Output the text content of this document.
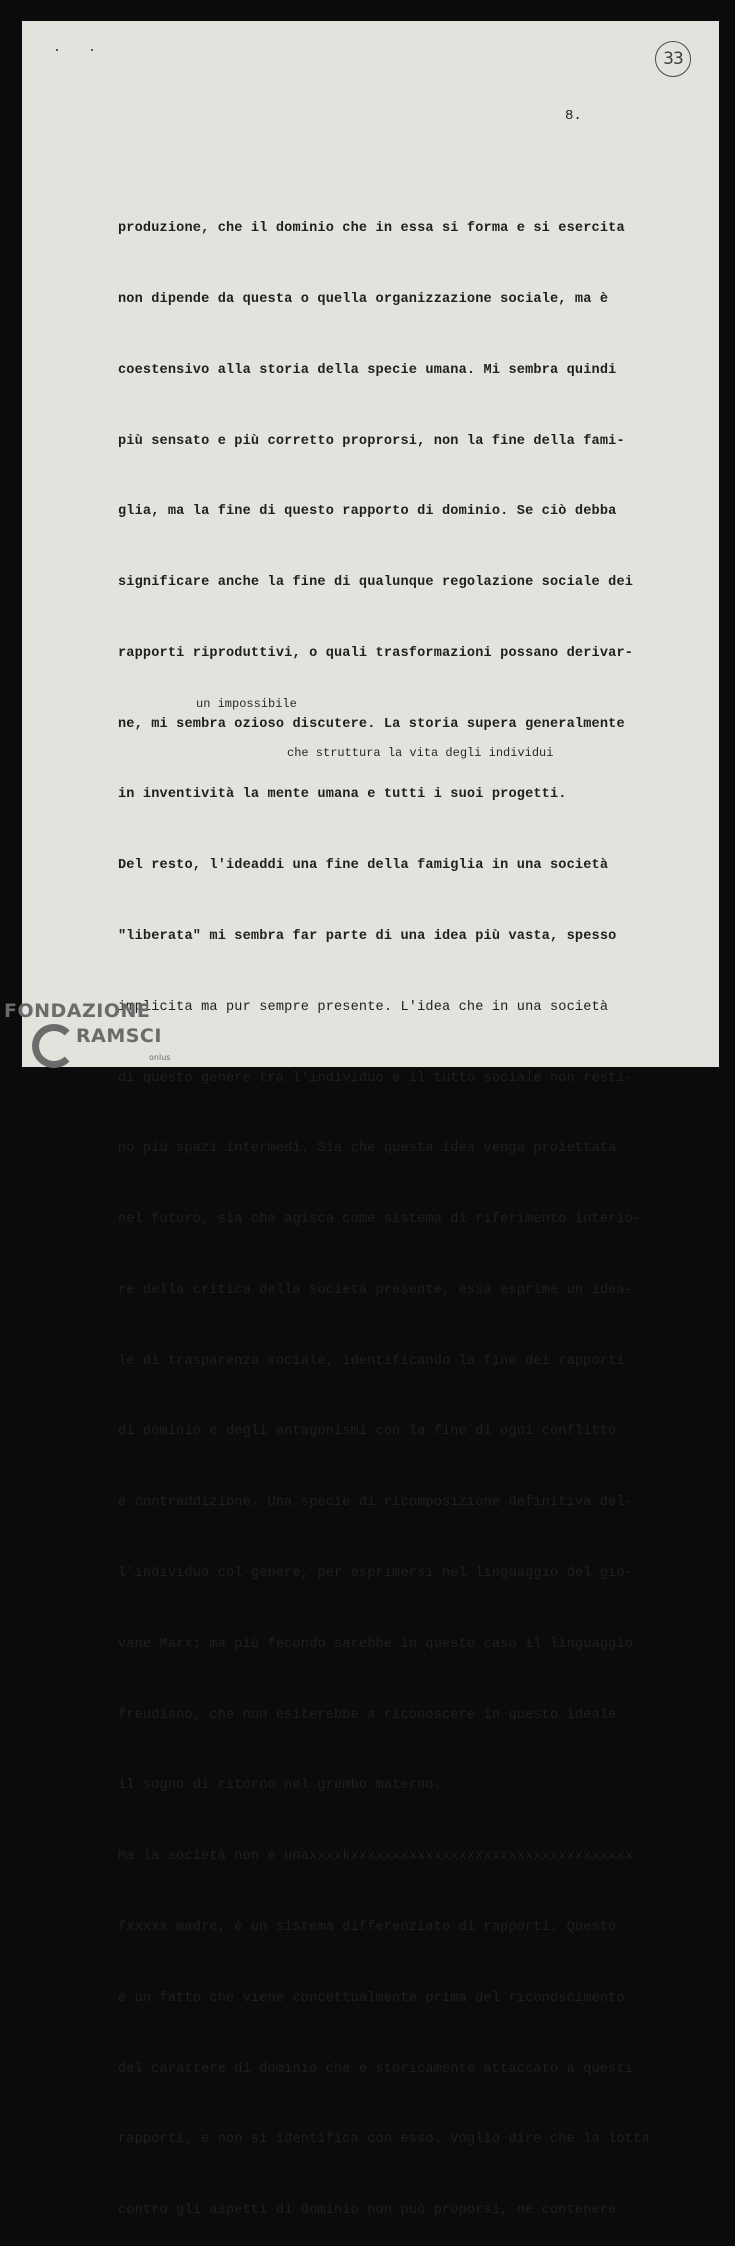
33
8.

produzione, che il dominio che in essa si forma e si esercita

non dipende da questa o quella organizzazione sociale, ma è

coestensivo alla storia della specie umana. Mi sembra quindi

più sensato e più corretto proprorsi, non la fine della fami-

glia, ma la fine di questo rapporto di dominio. Se ciò debba

significare anche la fine di qualunque regolazione sociale dei

rapporti riproduttivi, o quali trasformazioni possano derivar-

ne, mi sembra ozioso discutere. La storia supera generalmente

in inventività la mente umana e tutti i suoi progetti.

Del resto, l'ideaddi una fine della famiglia in una società

"liberata" mi sembra far parte di una idea più vasta, spesso

implicita ma pur sempre presente. L'idea che in una società

di questo genere tra l'individuo e il tutto sociale non resti-

no più spazi intermedi. Sia che questa idea venga proiettata

nel futuro, sia che agisca come sistema di riferimento interio-

re della critica della società presente, essa esprime un idea-

le di trasparenza sociale, identificando la fine dei rapporti

di dominio e degli antagonismi con la fine di ogni conflitto

e contraddizione. Una specie di ricomposizione definitiva del-

l'individuo col genere, per esprimersi nel linguaggio del gio-

vane Marx; ma più fecondo sarebbe in questo caso il linguaggio

freudiano, che non esiterebbe a riconoscere in questo ideale

il sogno di ritorno nel grembo materno.

Ma la società non è unaxxxxkxxxxxxxxxxxxxxxxxxxxxxxxxxxxxxxxxx

fxxxxx madre, è un sistema differenziato di rapporti. Questo

è un fatto che viene concettualmente prima del riconoscimento

del carattere di dominio che è storicamente attaccato a questi

rapporti, e non si identifica con esso. Voglio dire che la lotta

contro gli aspetti di dominio non può proporsi, né contenere

un impossibile
che struttura la vita degli individui
FONDAZIONE
RAMSCI
onlus
